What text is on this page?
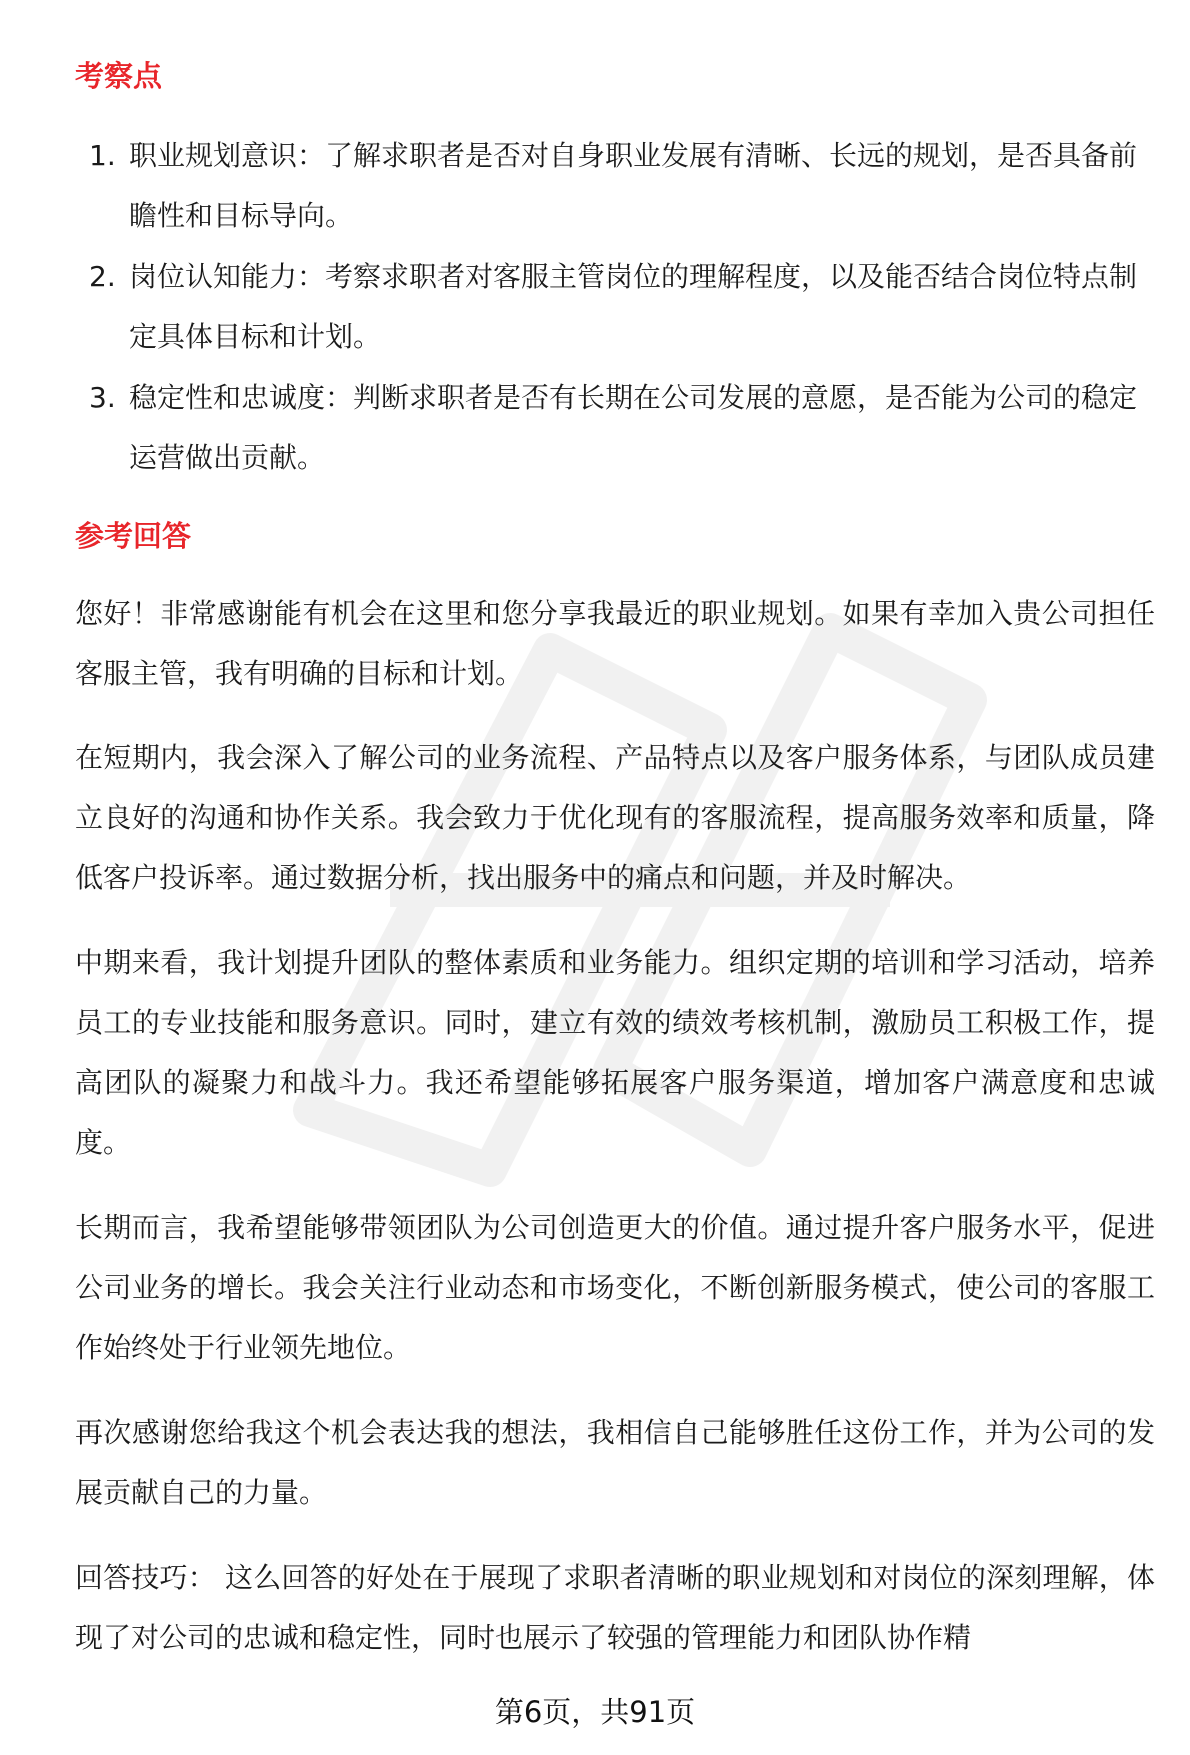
考察点
1. 职业规划意识：了解求职者是否对自身职业发展有清晰、长远的规划，是否具备前瞻性和目标导向。
2. 岗位认知能力：考察求职者对客服主管岗位的理解程度，以及能否结合岗位特点制定具体目标和计划。
3. 稳定性和忠诚度：判断求职者是否有长期在公司发展的意愿，是否能为公司的稳定运营做出贡献。
参考回答

您好！非常感谢能有机会在这里和您分享我最近的职业规划。如果有幸加入贵公司担任客服主管，我有明确的目标和计划。

在短期内，我会深入了解公司的业务流程、产品特点以及客户服务体系，与团队成员建立良好的沟通和协作关系。我会致力于优化现有的客服流程，提高服务效率和质量，降低客户投诉率。通过数据分析，找出服务中的痛点和问题，并及时解决。

中期来看，我计划提升团队的整体素质和业务能力。组织定期的培训和学习活动，培养员工的专业技能和服务意识。同时，建立有效的绩效考核机制，激励员工积极工作，提高团队的凝聚力和战斗力。我还希望能够拓展客户服务渠道，增加客户满意度和忠诚度。

长期而言，我希望能够带领团队为公司创造更大的价值。通过提升客户服务水平，促进公司业务的增长。我会关注行业动态和市场变化，不断创新服务模式，使公司的客服工作始终处于行业领先地位。

再次感谢您给我这个机会表达我的想法，我相信自己能够胜任这份工作，并为公司的发展贡献自己的力量。

回答技巧： 这么回答的好处在于展现了求职者清晰的职业规划和对岗位的深刻理解，体现了对公司的忠诚和稳定性，同时也展示了较强的管理能力和团队协作精

第6页，共91页
